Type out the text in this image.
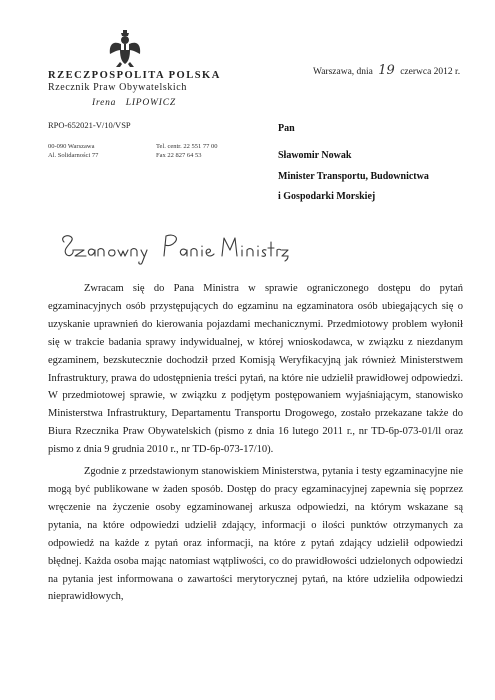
RZECZPOSPOLITA POLSKA
Rzecznik Praw Obywatelskich
Irena   LIPOWICZ
RPO-652021-V/10/VSP
00-090 Warszawa	Tel. centr. 22 551 77 00
Al. Solidarności 77	Fax 22 827 64 53
Warszawa, dnia 19 czerwca 2012 r.
Pan
Sławomir Nowak
Minister Transportu, Budownictwa
i Gospodarki Morskiej

Zwracam się do Pana Ministra w sprawie ograniczonego dostępu do pytań egzaminacyjnych osób przystępujących do egzaminu na egzaminatora osób ubiegających się o uzyskanie uprawnień do kierowania pojazdami mechanicznymi. Przedmiotowy problem wyłonił się w trakcie badania sprawy indywidualnej, w której wnioskodawca, w związku z niezdanym egzaminem, bezskutecznie dochodził przed Komisją Weryfikacyjną jak również Ministerstwem Infrastruktury, prawa do udostępnienia treści pytań, na które nie udzielił prawidłowej odpowiedzi. W przedmiotowej sprawie, w związku z podjętym postępowaniem wyjaśniającym, stanowisko Ministerstwa Infrastruktury, Departamentu Transportu Drogowego, zostało przekazane także do Biura Rzecznika Praw Obywatelskich (pismo z dnia 16 lutego 2011 r., nr TD-6p-073-01/ll oraz pismo z dnia 9 grudnia 2010 r., nr TD-6p-073-17/10).

Zgodnie z przedstawionym stanowiskiem Ministerstwa, pytania i testy egzaminacyjne nie mogą być publikowane w żaden sposób. Dostęp do pracy egzaminacyjnej zapewnia się poprzez wręczenie na życzenie osoby egzaminowanej arkusza odpowiedzi, na którym wskazane są pytania, na które odpowiedzi udzielił zdający, informacji o ilości punktów otrzymanych za odpowiedź na każde z pytań oraz informacji, na które z pytań zdający udzielił odpowiedzi błędnej. Każda osoba mając natomiast wątpliwości, co do prawidłowości udzielonych odpowiedzi na pytania jest informowana o zawartości merytorycznej pytań, na które udzieliła odpowiedzi nieprawidłowych,
